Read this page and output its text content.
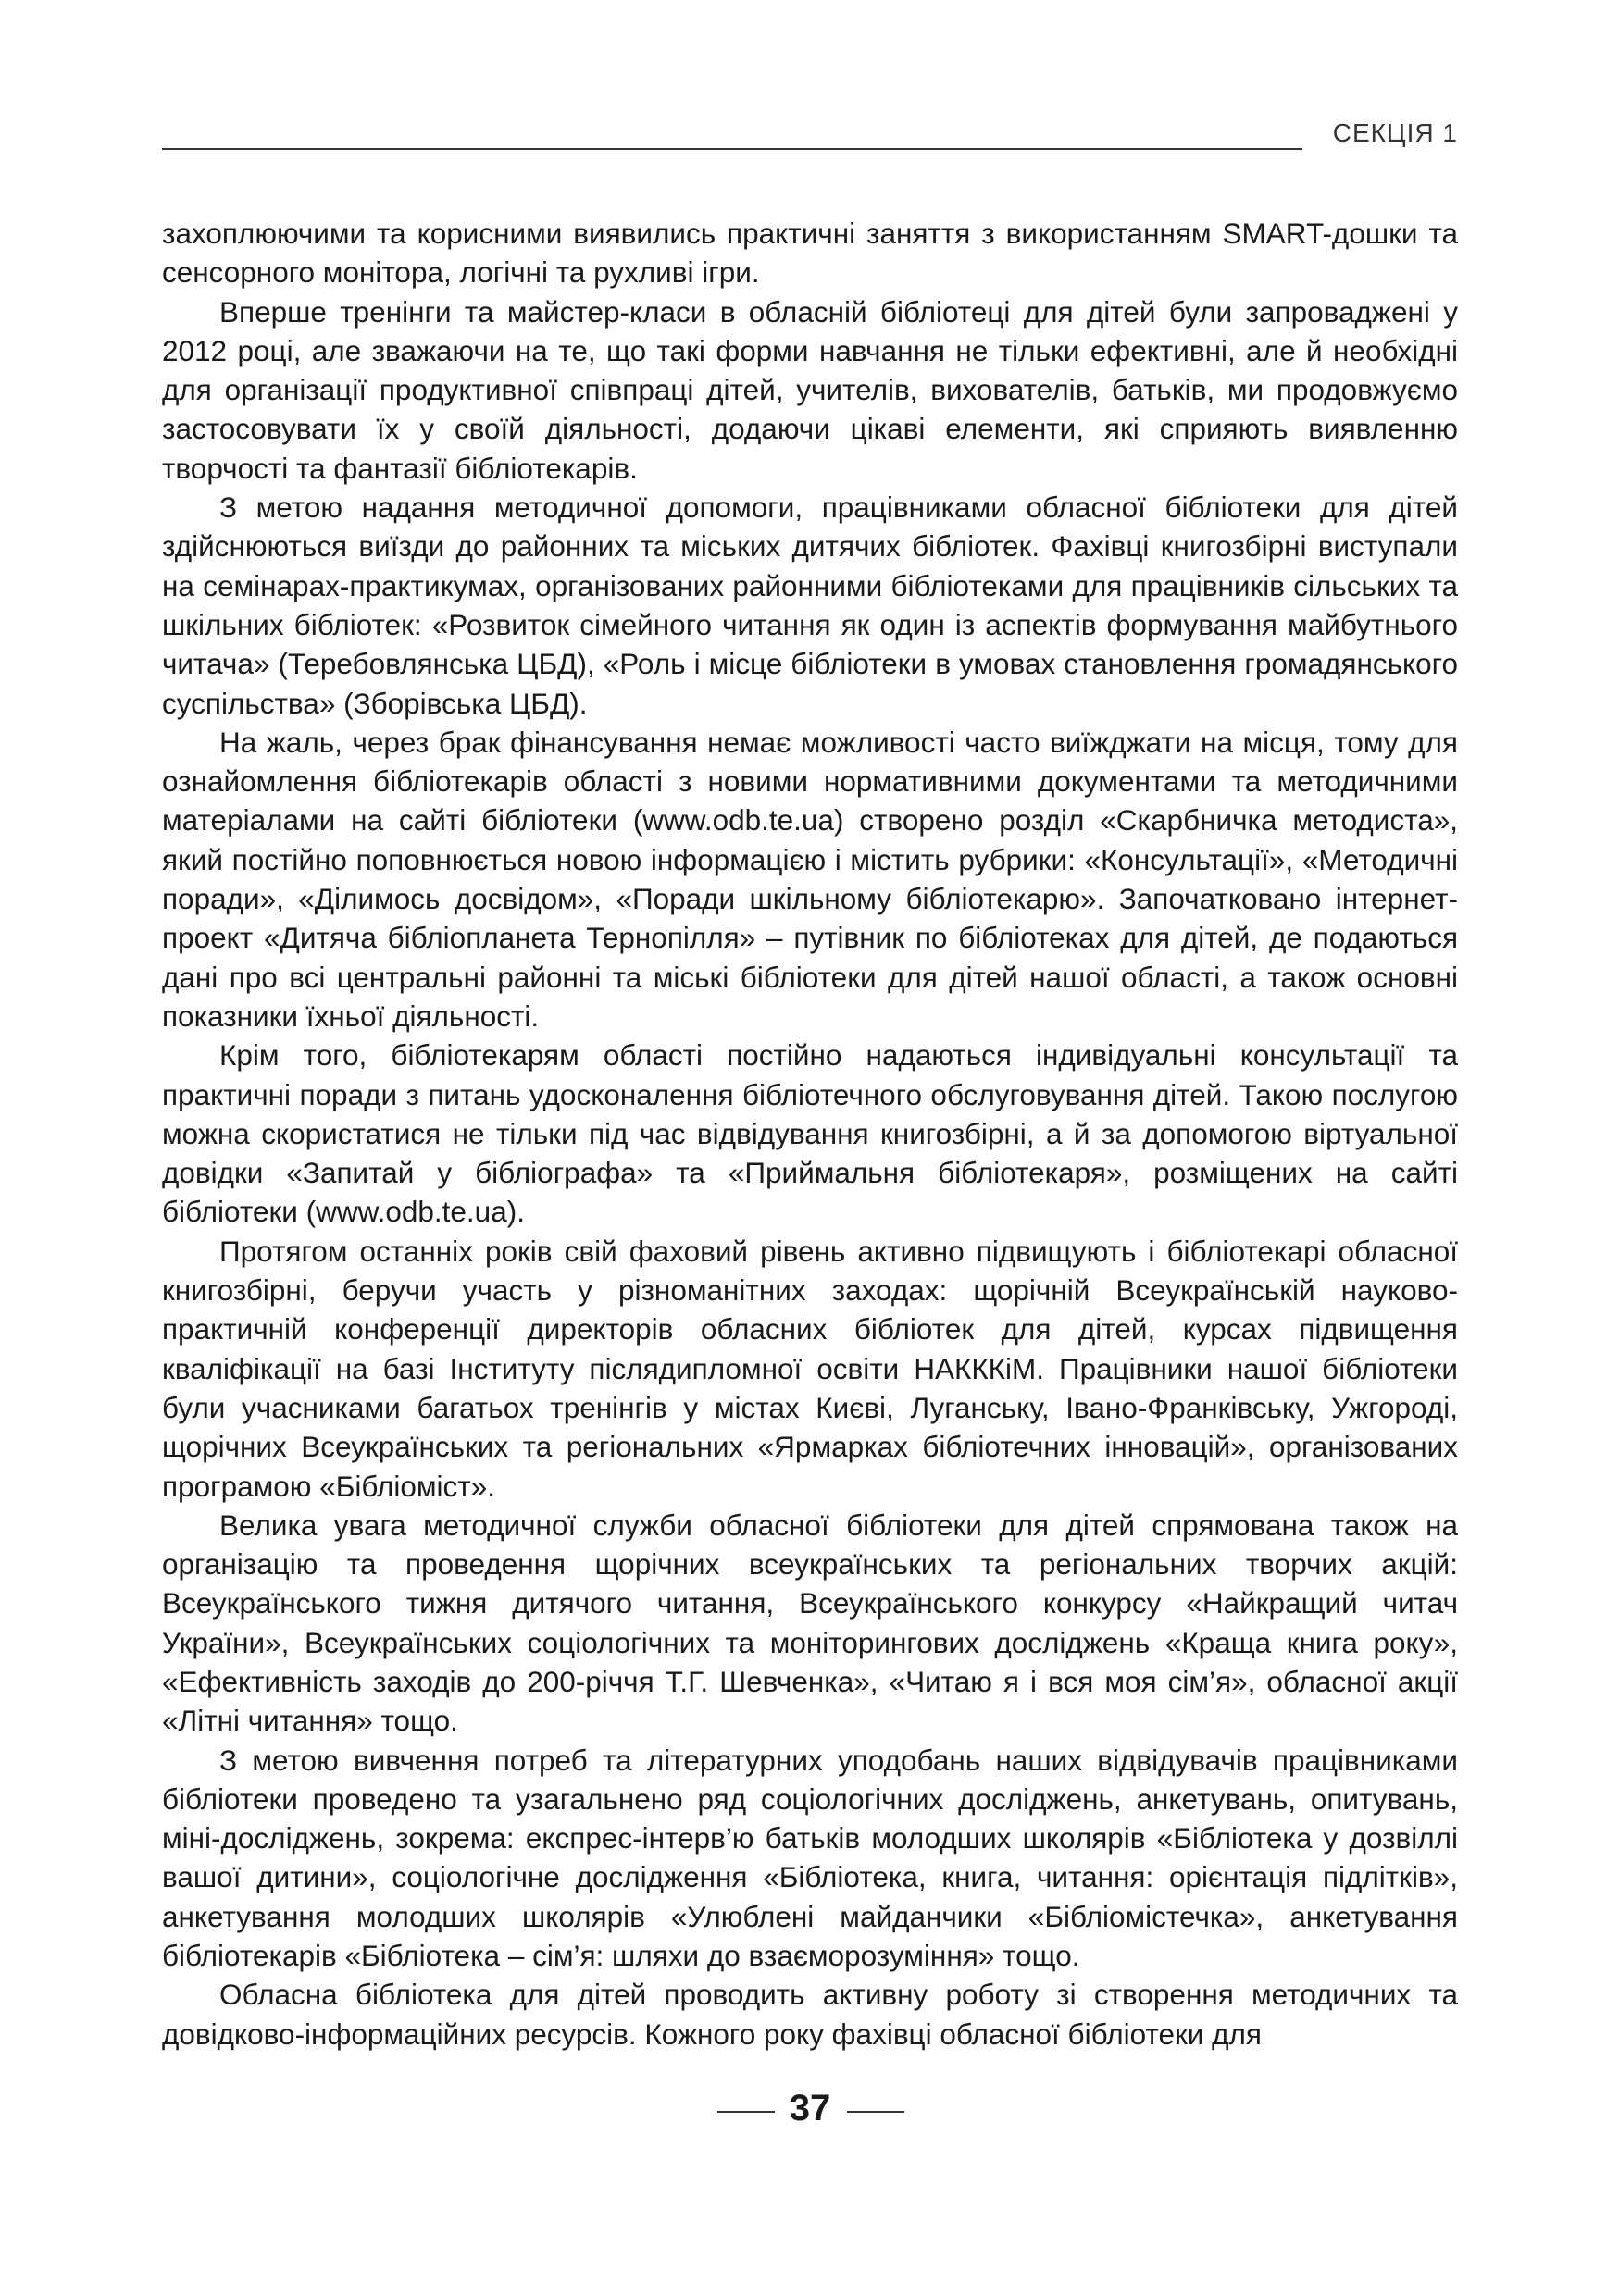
СЕКЦІЯ 1

захоплюючими та корисними виявились практичні заняття з використанням SMART-дошки та сенсорного монітора, логічні та рухливі ігри.

Вперше тренінги та майстер-класи в обласній бібліотеці для дітей були запроваджені у 2012 році, але зважаючи на те, що такі форми навчання не тільки ефективні, але й необхідні для організації продуктивної співпраці дітей, учителів, вихователів, батьків, ми продовжуємо застосовувати їх у своїй діяльності, додаючи цікаві елементи, які сприяють виявленню творчості та фантазії бібліотекарів.

З метою надання методичної допомоги, працівниками обласної бібліотеки для дітей здійснюються виїзди до районних та міських дитячих бібліотек. Фахівці книгозбірні виступали на семінарах-практикумах, організованих районними бібліотеками для працівників сільських та шкільних бібліотек: «Розвиток сімейного читання як один із аспектів формування майбутнього читача» (Теребовлянська ЦБД), «Роль і місце бібліотеки в умовах становлення громадянського суспільства» (Зборівська ЦБД).

На жаль, через брак фінансування немає можливості часто виїжджати на місця, тому для ознайомлення бібліотекарів області з новими нормативними документами та методичними матеріалами на сайті бібліотеки (www.odb.te.ua) створено розділ «Скарбничка методиста», який постійно поповнюється новою інформацією і містить рубрики: «Консультації», «Методичні поради», «Ділимось досвідом», «Поради шкільному бібліотекарю». Започатковано інтернет-проект «Дитяча бібліопланета Тернопілля» – путівник по бібліотеках для дітей, де подаються дані про всі центральні районні та міські бібліотеки для дітей нашої області, а також основні показники їхньої діяльності.

Крім того, бібліотекарям області постійно надаються індивідуальні консультації та практичні поради з питань удосконалення бібліотечного обслуговування дітей. Такою послугою можна скористатися не тільки під час відвідування книгозбірні, а й за допомогою віртуальної довідки «Запитай у бібліографа» та «Приймальня бібліотекаря», розміщених на сайті бібліотеки (www.odb.te.ua).

Протягом останніх років свій фаховий рівень активно підвищують і бібліотекарі обласної книгозбірні, беручи участь у різноманітних заходах: щорічній Всеукраїнській науково-практичній конференції директорів обласних бібліотек для дітей, курсах підвищення кваліфікації на базі Інституту післядипломної освіти НАКККіМ. Працівники нашої бібліотеки були учасниками багатьох тренінгів у містах Києві, Луганську, Івано-Франківську, Ужгороді, щорічних Всеукраїнських та регіональних «Ярмарках бібліотечних інновацій», організованих програмою «Бібліоміст».

Велика увага методичної служби обласної бібліотеки для дітей спрямована також на організацію та проведення щорічних всеукраїнських та регіональних творчих акцій: Всеукраїнського тижня дитячого читання, Всеукраїнського конкурсу «Найкращий читач України», Всеукраїнських соціологічних та моніторингових досліджень «Краща книга року», «Ефективність заходів до 200-річчя Т.Г. Шевченка», «Читаю я і вся моя сім’я», обласної акції «Літні читання» тощо.

З метою вивчення потреб та літературних уподобань наших відвідувачів працівниками бібліотеки проведено та узагальнено ряд соціологічних досліджень, анкетувань, опитувань, міні-досліджень, зокрема: експрес-інтерв’ю батьків молодших школярів «Бібліотека у дозвіллі вашої дитини», соціологічне дослідження «Бібліотека, книга, читання: орієнтація підлітків», анкетування молодших школярів «Улюблені майданчики «Бібліомістечка», анкетування бібліотекарів «Бібліотека – сім’я: шляхи до взаєморозуміння» тощо.

Обласна бібліотека для дітей проводить активну роботу зі створення методичних та довідково-інформаційних ресурсів. Кожного року фахівці обласної бібліотеки для

37
